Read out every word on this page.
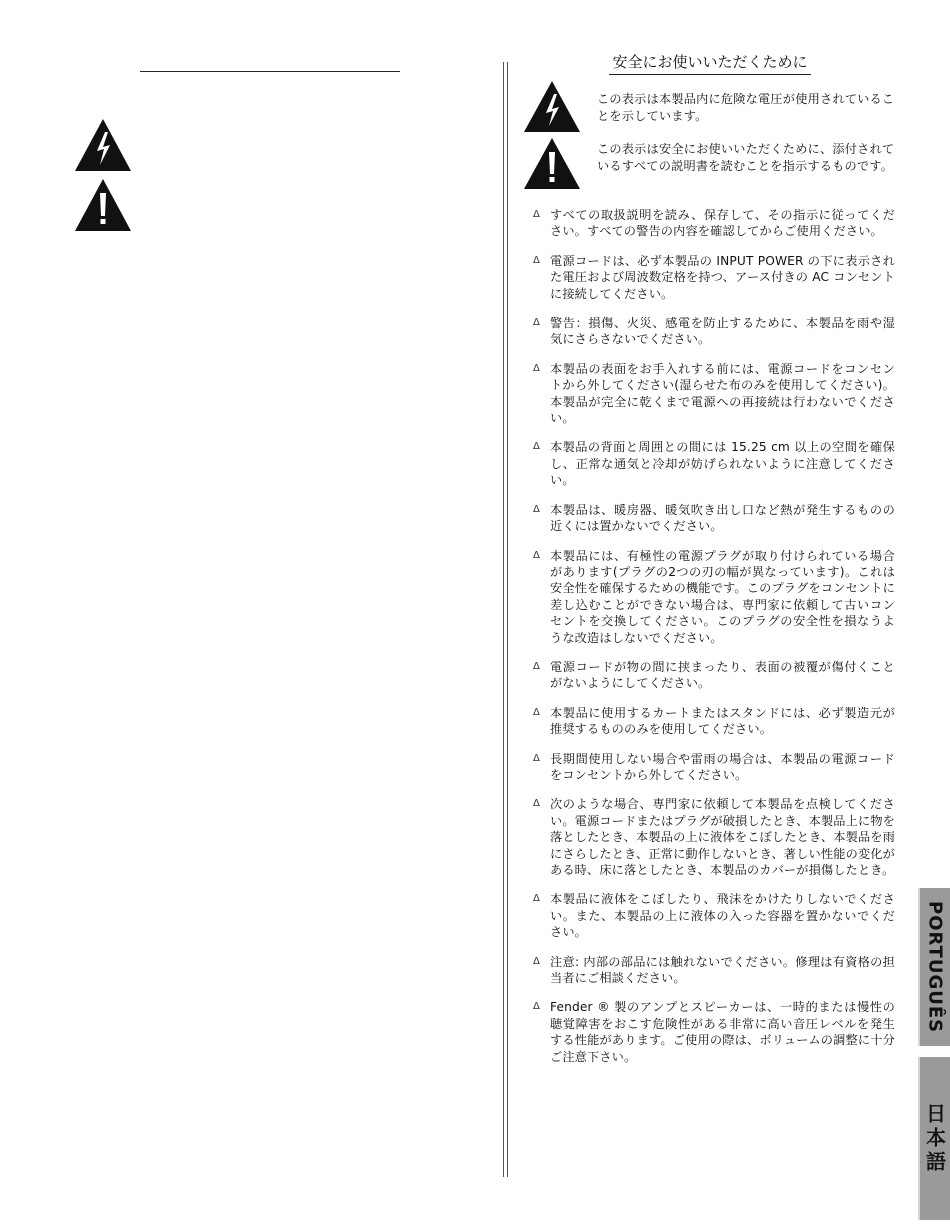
安全にお使いいただくために
この表示は本製品内に危険な電圧が使用されていることを示しています。
この表示は安全にお使いいただくために、添付されているすべての説明書を読むことを指示するものです。
Δ すべての取扱説明を読み、保存して、その指示に従ってください。すべての警告の内容を確認してからご使用ください。
Δ 電源コードは、必ず本製品の INPUT POWER の下に表示された電圧および周波数定格を持つ、アース付きの AC コンセントに接続してください。
Δ 警告：損傷、火災、感電を防止するために、本製品を雨や湿気にさらさないでください。
Δ 本製品の表面をお手入れする前には、電源コードをコンセントから外してください(湿らせた布のみを使用してください)。本製品が完全に乾くまで電源への再接続は行わないでください。
Δ 本製品の背面と周囲との間には 15.25 cm 以上の空間を確保し、正常な通気と冷却が妨げられないように注意してください。
Δ 本製品は、暖房器、暖気吹き出し口など熱が発生するものの近くには置かないでください。
Δ 本製品には、有極性の電源プラグが取り付けられている場合があります(プラグの2つの刃の幅が異なっています)。これは安全性を確保するための機能です。このプラグをコンセントに差し込むことができない場合は、専門家に依頼して古いコンセントを交換してください。このプラグの安全性を損なうような改造はしないでください。
Δ 電源コードが物の間に挟まったり、表面の被覆が傷付くことがないようにしてください。
Δ 本製品に使用するカートまたはスタンドには、必ず製造元が推奨するもののみを使用してください。
Δ 長期間使用しない場合や雷雨の場合は、本製品の電源コードをコンセントから外してください。
Δ 次のような場合、専門家に依頼して本製品を点検してください。電源コードまたはプラグが破損したとき、本製品上に物を落としたとき、本製品の上に液体をこぼしたとき、本製品を雨にさらしたとき、正常に動作しないとき、著しい性能の変化がある時、床に落としたとき、本製品のカバーが損傷したとき。
Δ 本製品に液体をこぼしたり、飛沫をかけたりしないでください。また、本製品の上に液体の入った容器を置かないでください。
Δ 注意: 内部の部品には触れないでください。修理は有資格の担当者にご相談ください。
Δ Fender ® 製のアンプとスピーカーは、一時的または慢性の聴覚障害をおこす危険性がある非常に高い音圧レベルを発生する性能があります。ご使用の際は、ボリュームの調整に十分ご注意下さい。
PORTUGUÊS
日本語
